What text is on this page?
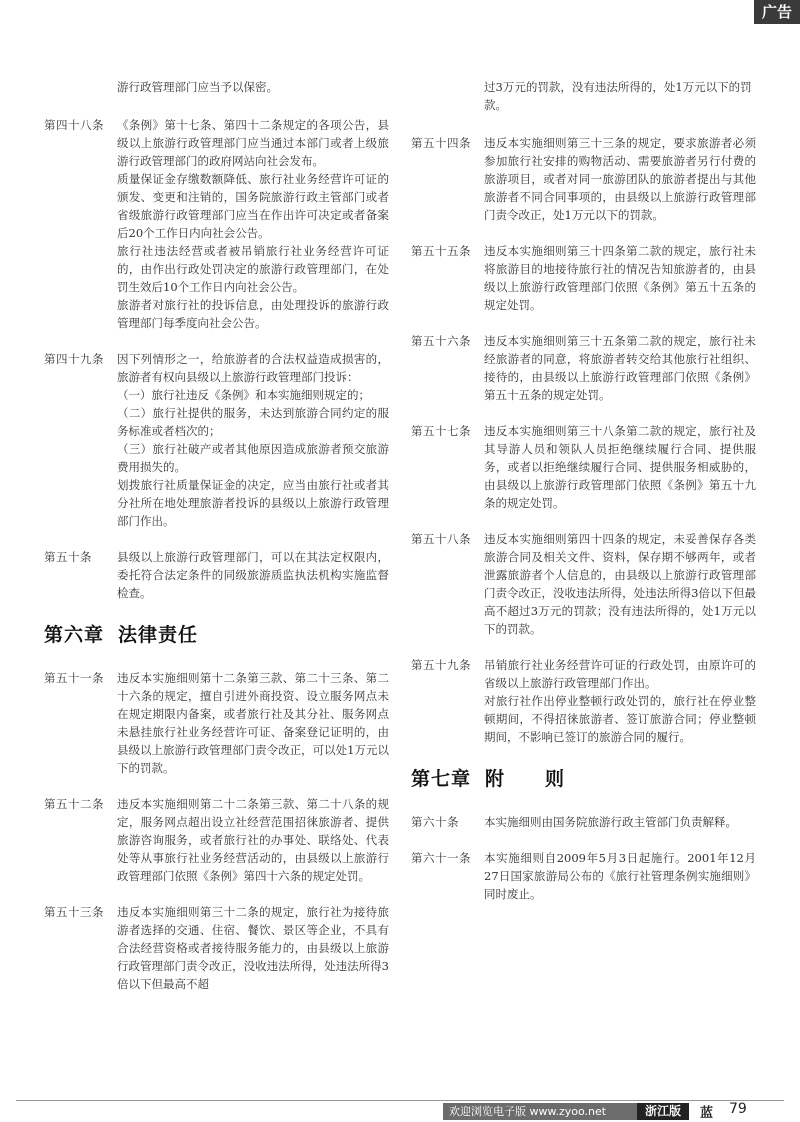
广告

游行政管理部门应当予以保密。

第四十八条	《条例》第十七条、第四十二条规定的各项公告，县级以上旅游行政管理部门应当通过本部门或者上级旅游行政管理部门的政府网站向社会发布。

质量保证金存缴数额降低、旅行社业务经营许可证的颁发、变更和注销的，国务院旅游行政主管部门或者省级旅游行政管理部门应当在作出许可决定或者备案后20个工作日内向社会公告。

旅行社违法经营或者被吊销旅行社业务经营许可证的，由作出行政处罚决定的旅游行政管理部门，在处罚生效后10个工作日内向社会公告。

旅游者对旅行社的投诉信息，由处理投诉的旅游行政管理部门每季度向社会公告。

第四十九条	因下列情形之一，给旅游者的合法权益造成损害的，旅游者有权向县级以上旅游行政管理部门投诉：

（一）旅行社违反《条例》和本实施细则规定的；

（二）旅行社提供的服务，未达到旅游合同约定的服务标准或者档次的；

（三）旅行社破产或者其他原因造成旅游者预交旅游费用损失的。

划拨旅行社质量保证金的决定，应当由旅行社或者其分社所在地处理旅游者投诉的县级以上旅游行政管理部门作出。

第五十条	县级以上旅游行政管理部门，可以在其法定权限内，委托符合法定条件的同级旅游质监执法机构实施监督检查。

第六章 法律责任
第五十一条	违反本实施细则第十二条第三款、第二十三条、第二十六条的规定，擅自引进外商投资、设立服务网点未在规定期限内备案，或者旅行社及其分社、服务网点未悬挂旅行社业务经营许可证、备案登记证明的，由县级以上旅游行政管理部门责令改正，可以处1万元以下的罚款。

第五十二条	违反本实施细则第二十二条第三款、第二十八条的规定，服务网点超出设立社经营范围招徕旅游者、提供旅游咨询服务，或者旅行社的办事处、联络处、代表处等从事旅行社业务经营活动的，由县级以上旅游行政管理部门依照《条例》第四十六条的规定处罚。

第五十三条	违反本实施细则第三十二条的规定，旅行社为接待旅游者选择的交通、住宿、餐饮、景区等企业，不具有合法经营资格或者接待服务能力的，由县级以上旅游行政管理部门责令改正，没收违法所得，处违法所得3倍以下但最高不超

过3万元的罚款，没有违法所得的，处1万元以下的罚款。

第五十四条	违反本实施细则第三十三条的规定，要求旅游者必须参加旅行社安排的购物活动、需要旅游者另行付费的旅游项目，或者对同一旅游团队的旅游者提出与其他旅游者不同合同事项的，由县级以上旅游行政管理部门责令改正，处1万元以下的罚款。

第五十五条	违反本实施细则第三十四条第二款的规定，旅行社未将旅游目的地接待旅行社的情况告知旅游者的，由县级以上旅游行政管理部门依照《条例》第五十五条的规定处罚。

第五十六条	违反本实施细则第三十五条第二款的规定，旅行社未经旅游者的同意，将旅游者转交给其他旅行社组织、接待的，由县级以上旅游行政管理部门依照《条例》第五十五条的规定处罚。

第五十七条	违反本实施细则第三十八条第二款的规定，旅行社及其导游人员和领队人员拒绝继续履行合同、提供服务，或者以拒绝继续履行合同、提供服务相威胁的，由县级以上旅游行政管理部门依照《条例》第五十九条的规定处罚。

第五十八条	违反本实施细则第四十四条的规定，未妥善保存各类旅游合同及相关文件、资料，保存期不够两年，或者泄露旅游者个人信息的，由县级以上旅游行政管理部门责令改正，没收违法所得，处违法所得3倍以下但最高不超过3万元的罚款；没有违法所得的，处1万元以下的罚款。

第五十九条	吊销旅行社业务经营许可证的行政处罚，由原许可的省级以上旅游行政管理部门作出。

对旅行社作出停业整顿行政处罚的，旅行社在停业整顿期间，不得招徕旅游者、签订旅游合同；停业整顿期间，不影响已签订的旅游合同的履行。

第七章 附　　则
第六十条	本实施细则由国务院旅游行政主管部门负责解释。

第六十一条	本实施细则自2009年5月3日起施行。2001年12月27日国家旅游局公布的《旅行社管理条例实施细则》同时废止。

欢迎浏览电子版 www.zyoo.net	浙江版	蓝 79
